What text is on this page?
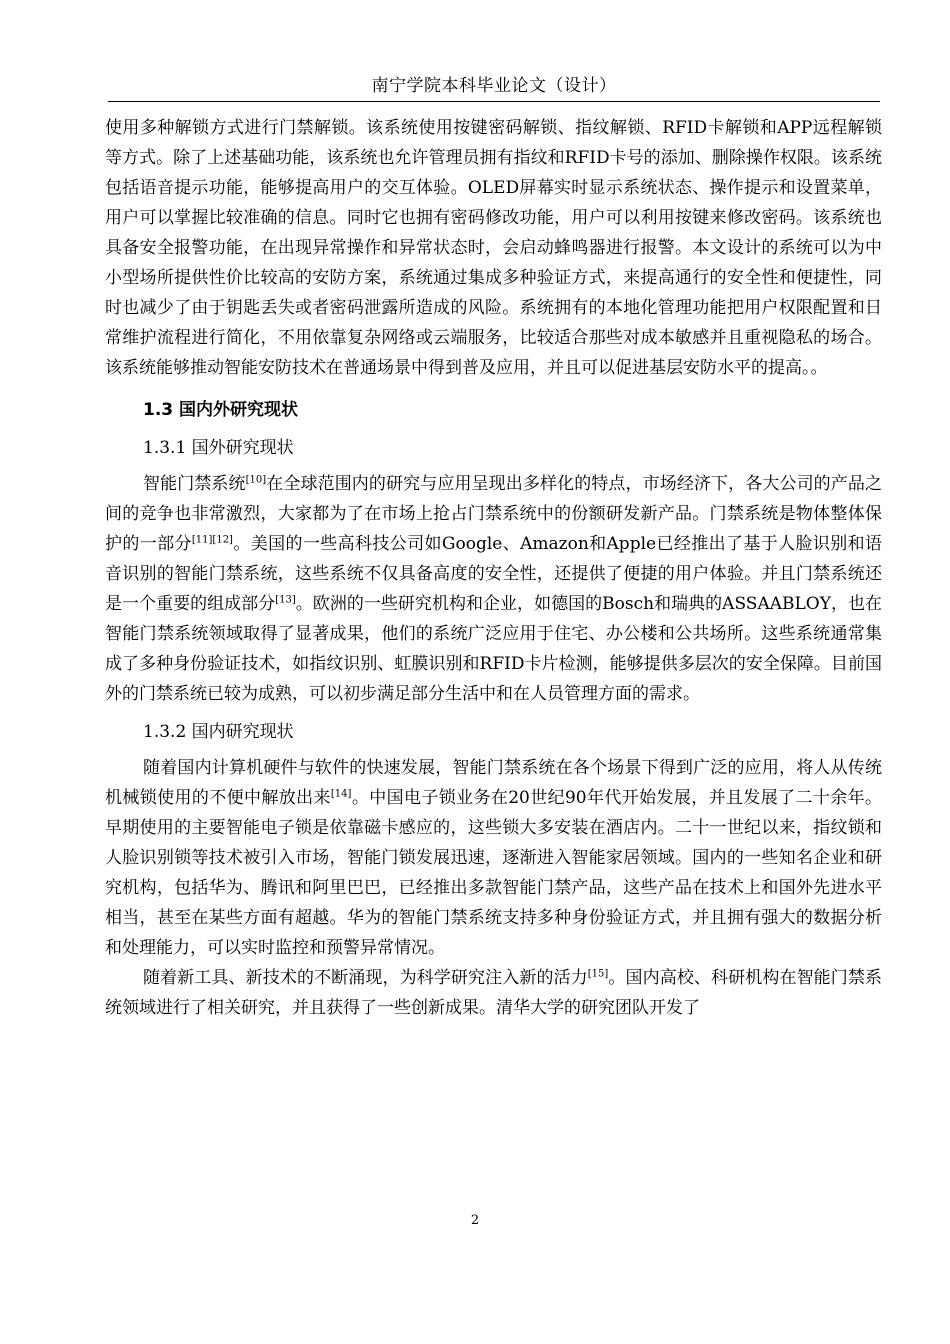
南宁学院本科毕业论文（设计）

使用多种解锁方式进行门禁解锁。该系统使用按键密码解锁、指纹解锁、RFID卡解锁和APP远程解锁等方式。除了上述基础功能，该系统也允许管理员拥有指纹和RFID卡号的添加、删除操作权限。该系统包括语音提示功能，能够提高用户的交互体验。OLED屏幕实时显示系统状态、操作提示和设置菜单，用户可以掌握比较准确的信息。同时它也拥有密码修改功能，用户可以利用按键来修改密码。该系统也具备安全报警功能，在出现异常操作和异常状态时，会启动蜂鸣器进行报警。本文设计的系统可以为中小型场所提供性价比较高的安防方案，系统通过集成多种验证方式，来提高通行的安全性和便捷性，同时也减少了由于钥匙丢失或者密码泄露所造成的风险。系统拥有的本地化管理功能把用户权限配置和日常维护流程进行简化，不用依靠复杂网络或云端服务，比较适合那些对成本敏感并且重视隐私的场合。该系统能够推动智能安防技术在普通场景中得到普及应用，并且可以促进基层安防水平的提高。。

1.3 国内外研究现状
1.3.1 国外研究现状

智能门禁系统[10]在全球范围内的研究与应用呈现出多样化的特点，市场经济下，各大公司的产品之间的竞争也非常激烈，大家都为了在市场上抢占门禁系统中的份额研发新产品。门禁系统是物体整体保护的一部分[11][12]。美国的一些高科技公司如Google、Amazon和Apple已经推出了基于人脸识别和语音识别的智能门禁系统，这些系统不仅具备高度的安全性，还提供了便捷的用户体验。并且门禁系统还是一个重要的组成部分[13]。欧洲的一些研究机构和企业，如德国的Bosch和瑞典的ASSAABLOY，也在智能门禁系统领域取得了显著成果，他们的系统广泛应用于住宅、办公楼和公共场所。这些系统通常集成了多种身份验证技术，如指纹识别、虹膜识别和RFID卡片检测，能够提供多层次的安全保障。目前国外的门禁系统已较为成熟，可以初步满足部分生活中和在人员管理方面的需求。

1.3.2 国内研究现状

随着国内计算机硬件与软件的快速发展，智能门禁系统在各个场景下得到广泛的应用，将人从传统机械锁使用的不便中解放出来[14]。中国电子锁业务在20世纪90年代开始发展，并且发展了二十余年。早期使用的主要智能电子锁是依靠磁卡感应的，这些锁大多安装在酒店内。二十一世纪以来，指纹锁和人脸识别锁等技术被引入市场，智能门锁发展迅速，逐渐进入智能家居领域。国内的一些知名企业和研究机构，包括华为、腾讯和阿里巴巴，已经推出多款智能门禁产品，这些产品在技术上和国外先进水平相当，甚至在某些方面有超越。华为的智能门禁系统支持多种身份验证方式，并且拥有强大的数据分析和处理能力，可以实时监控和预警异常情况。

随着新工具、新技术的不断涌现，为科学研究注入新的活力[15]。国内高校、科研机构在智能门禁系统领域进行了相关研究，并且获得了一些创新成果。清华大学的研究团队开发了

2
